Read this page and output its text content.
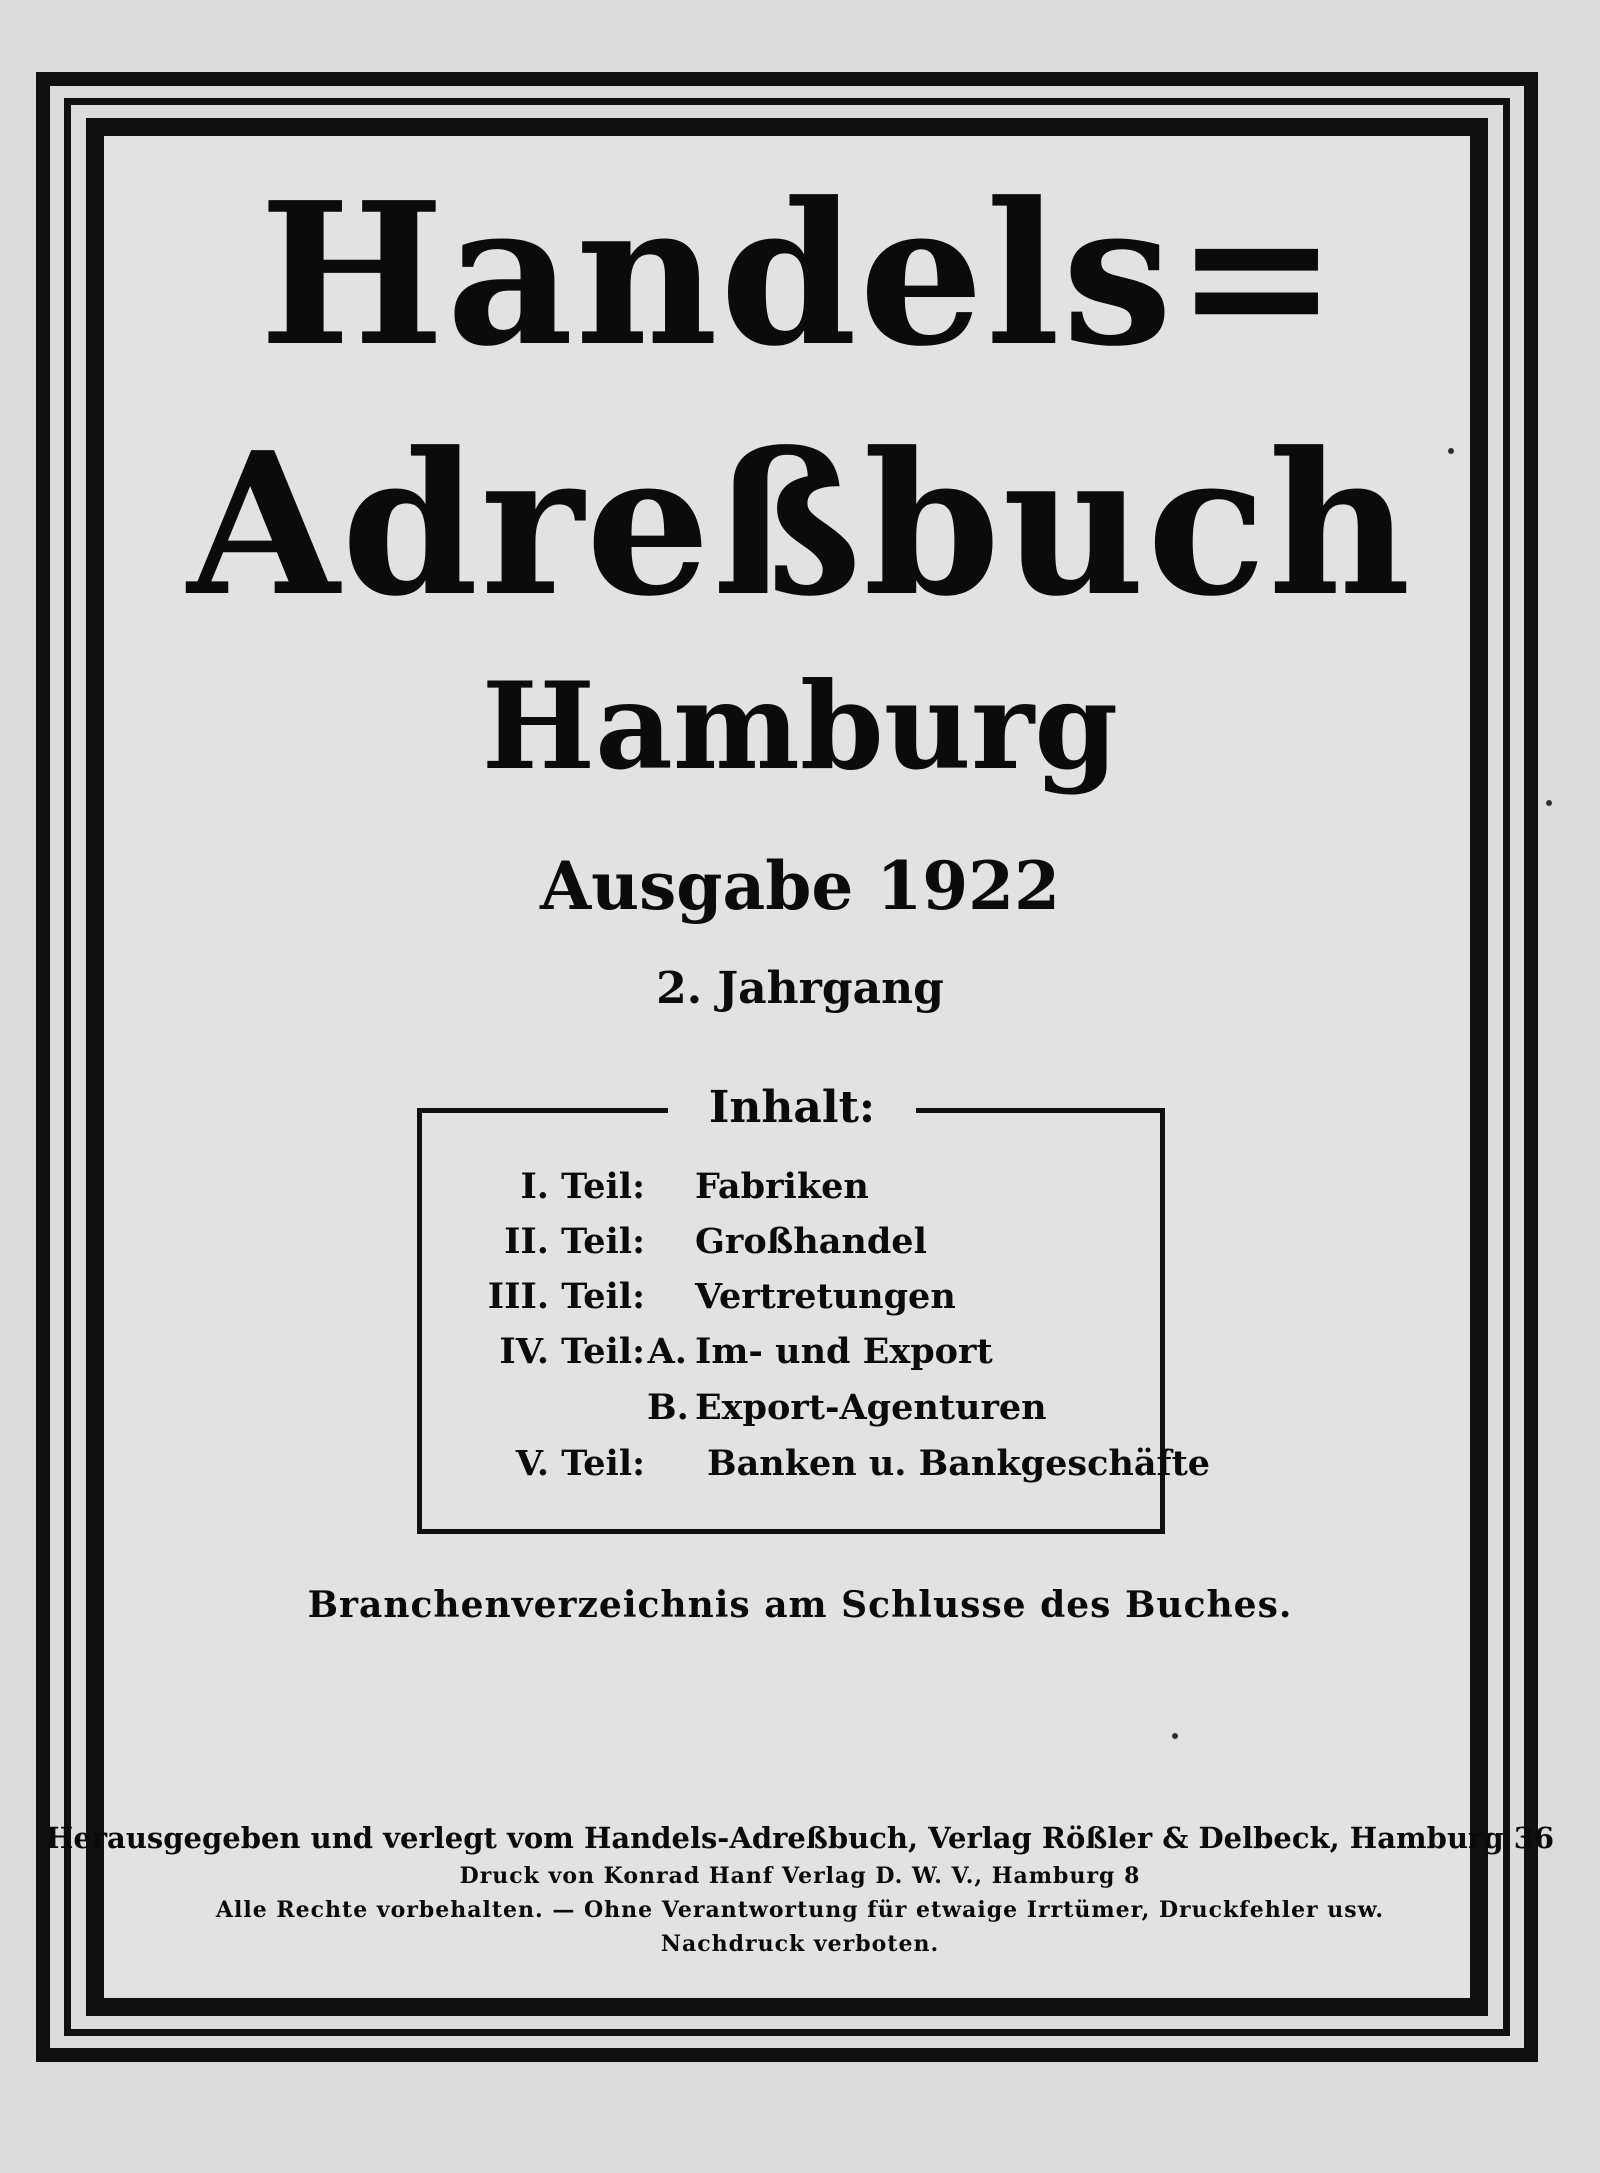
Handels=
Adreßbuch
Hamburg
Ausgabe 1922
2. Jahrgang
Inhalt:
I. Teil: Fabriken
II. Teil: Großhandel
III. Teil: Vertretungen
IV. Teil: A. Im- und Export
B. Export-Agenturen
V. Teil: Banken u. Bankgeschäfte
Branchenverzeichnis am Schlusse des Buches.
Herausgegeben und verlegt vom Handels-Adreßbuch, Verlag Rößler & Delbeck, Hamburg 36
Druck von Konrad Hanf Verlag D. W. V., Hamburg 8
Alle Rechte vorbehalten. — Ohne Verantwortung für etwaige Irrtümer, Druckfehler usw.
Nachdruck verboten.
